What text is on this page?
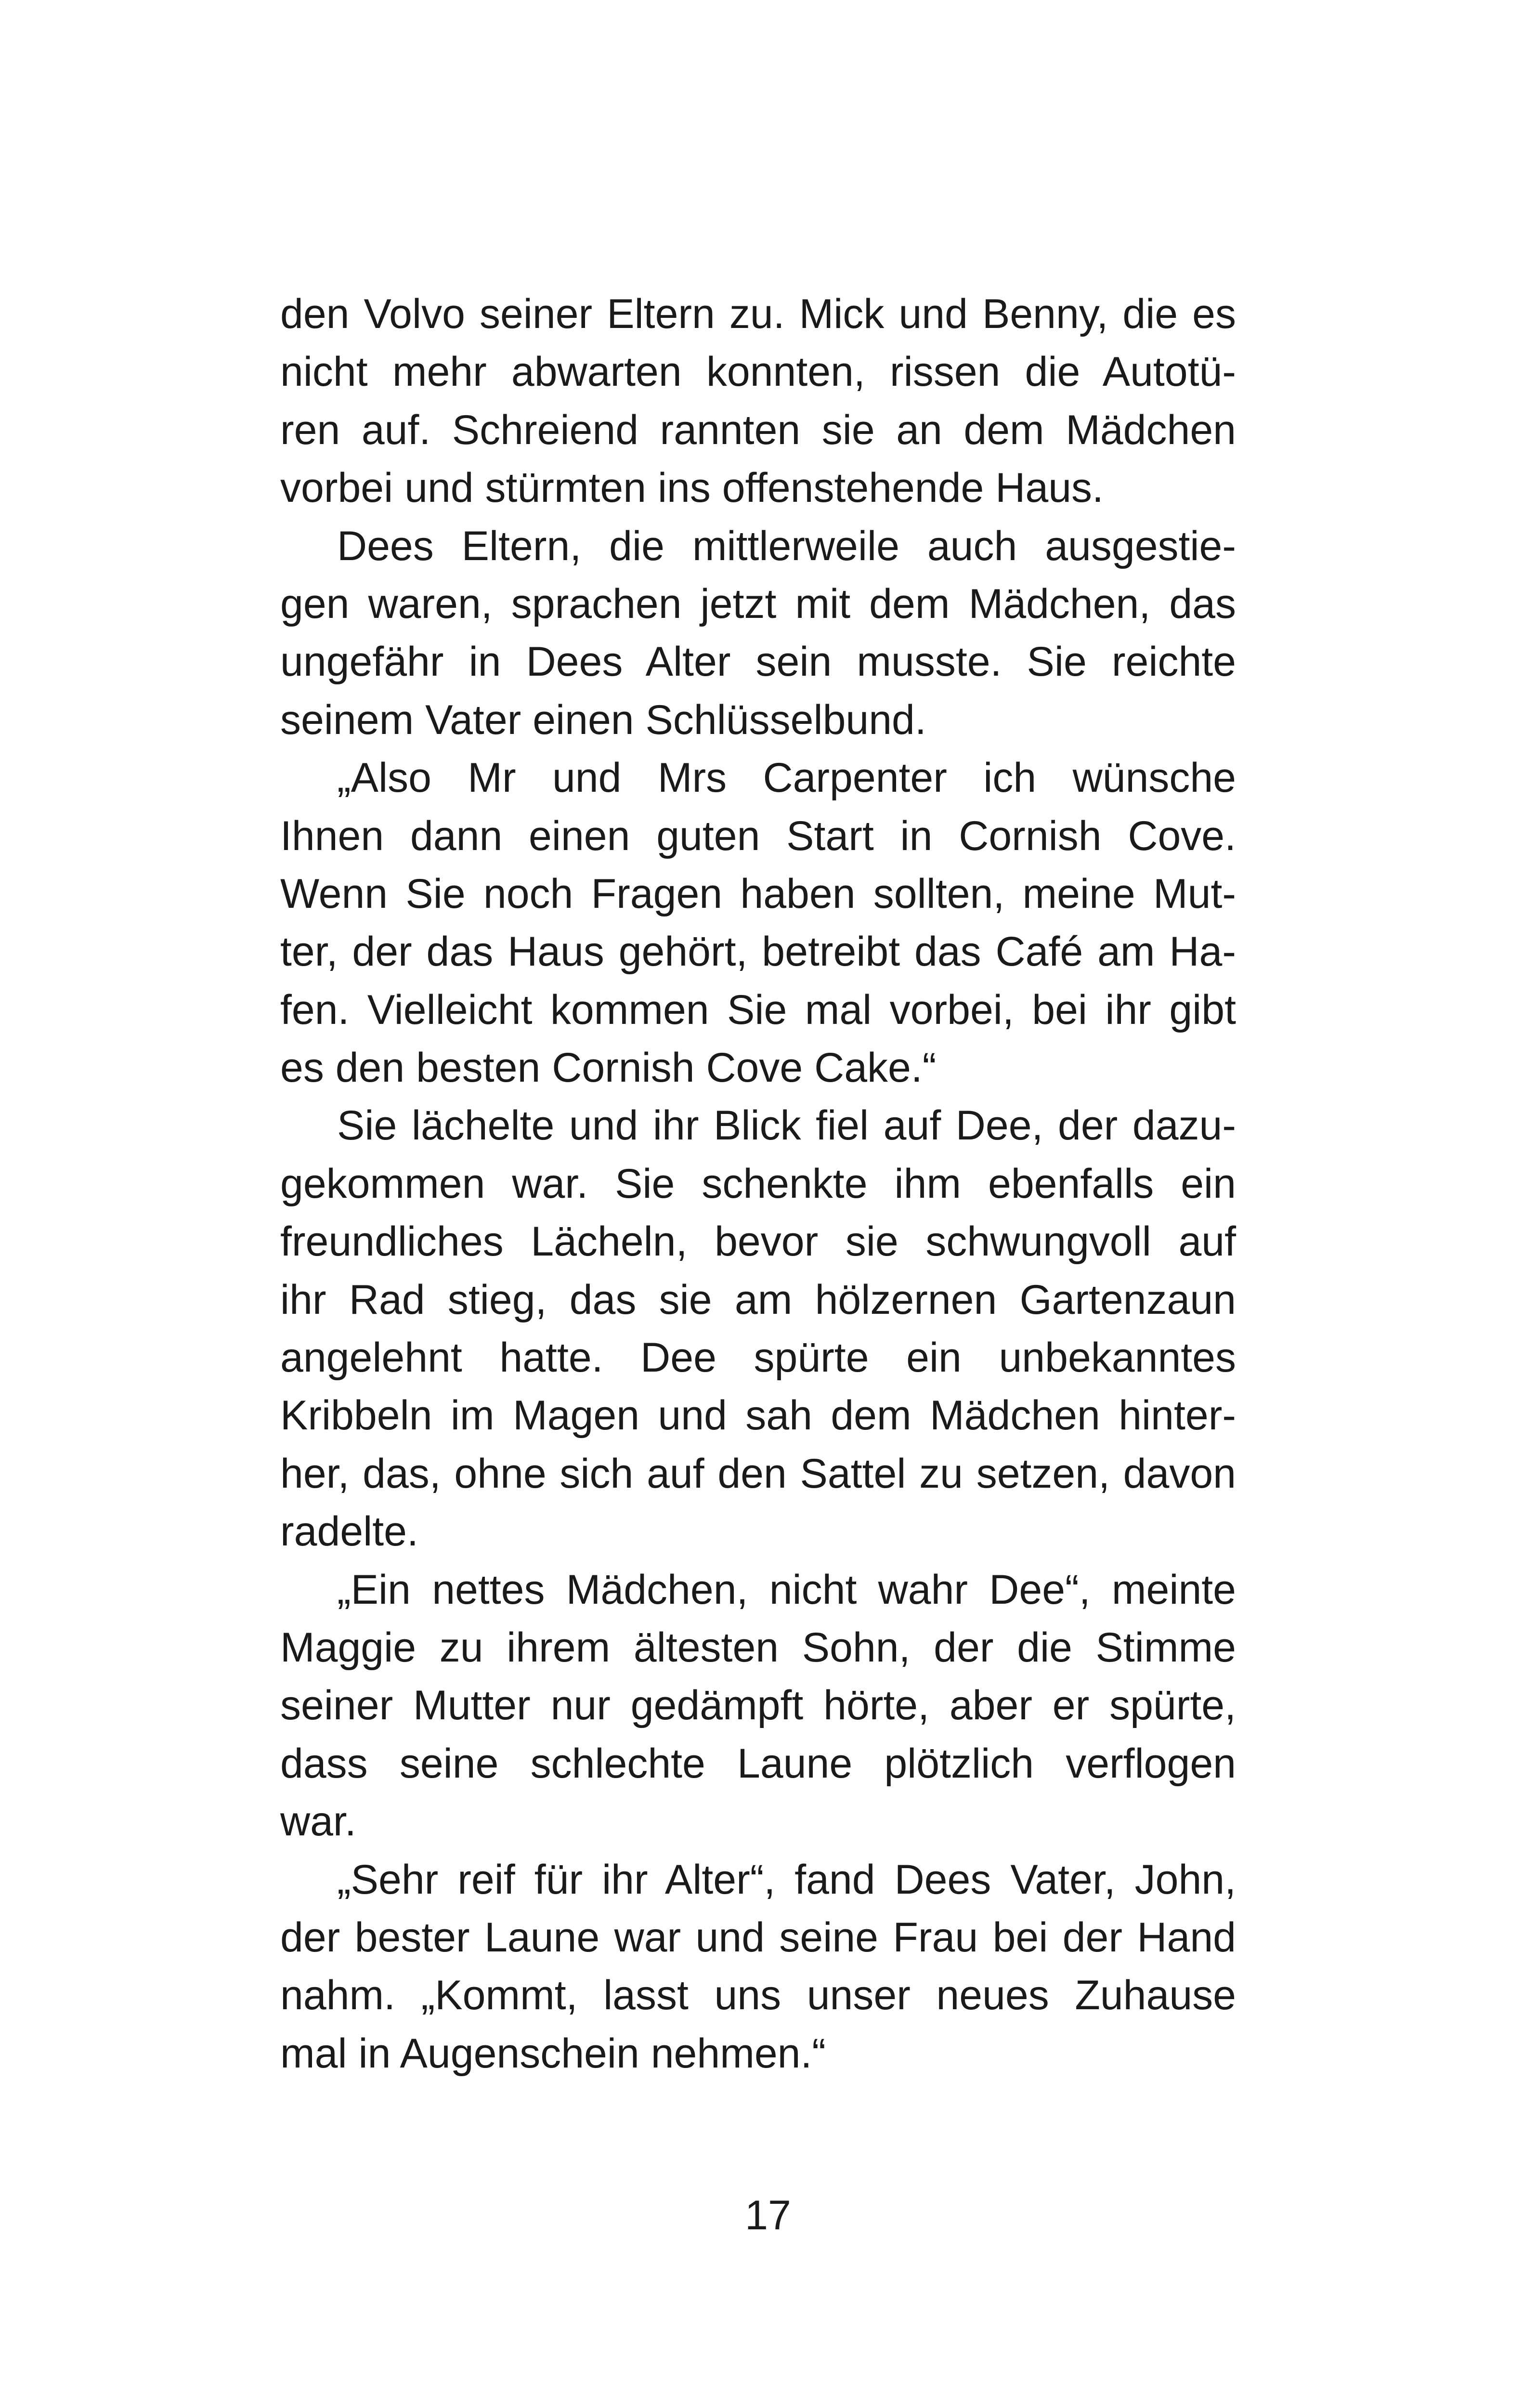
den Volvo seiner Eltern zu. Mick und Benny, die es
nicht mehr abwarten konnten, rissen die Autotü-
ren auf. Schreiend rannten sie an dem Mädchen
vorbei und stürmten ins offenstehende Haus.
Dees Eltern, die mittlerweile auch ausgestie-
gen waren, sprachen jetzt mit dem Mädchen, das
ungefähr in Dees Alter sein musste. Sie reichte
seinem Vater einen Schlüsselbund.
„Also Mr und Mrs Carpenter ich wünsche
Ihnen dann einen guten Start in Cornish Cove.
Wenn Sie noch Fragen haben sollten, meine Mut-
ter, der das Haus gehört, betreibt das Café am Ha-
fen. Vielleicht kommen Sie mal vorbei, bei ihr gibt
es den besten Cornish Cove Cake.“
Sie lächelte und ihr Blick fiel auf Dee, der dazu-
gekommen war. Sie schenkte ihm ebenfalls ein
freundliches Lächeln, bevor sie schwungvoll auf
ihr Rad stieg, das sie am hölzernen Gartenzaun
angelehnt hatte. Dee spürte ein unbekanntes
Kribbeln im Magen und sah dem Mädchen hinter-
her, das, ohne sich auf den Sattel zu setzen, davon
radelte.
„Ein nettes Mädchen, nicht wahr Dee“, meinte
Maggie zu ihrem ältesten Sohn, der die Stimme
seiner Mutter nur gedämpft hörte, aber er spürte,
dass seine schlechte Laune plötzlich verflogen
war.
„Sehr reif für ihr Alter“, fand Dees Vater, John,
der bester Laune war und seine Frau bei der Hand
nahm. „Kommt, lasst uns unser neues Zuhause
mal in Augenschein nehmen.“
17
